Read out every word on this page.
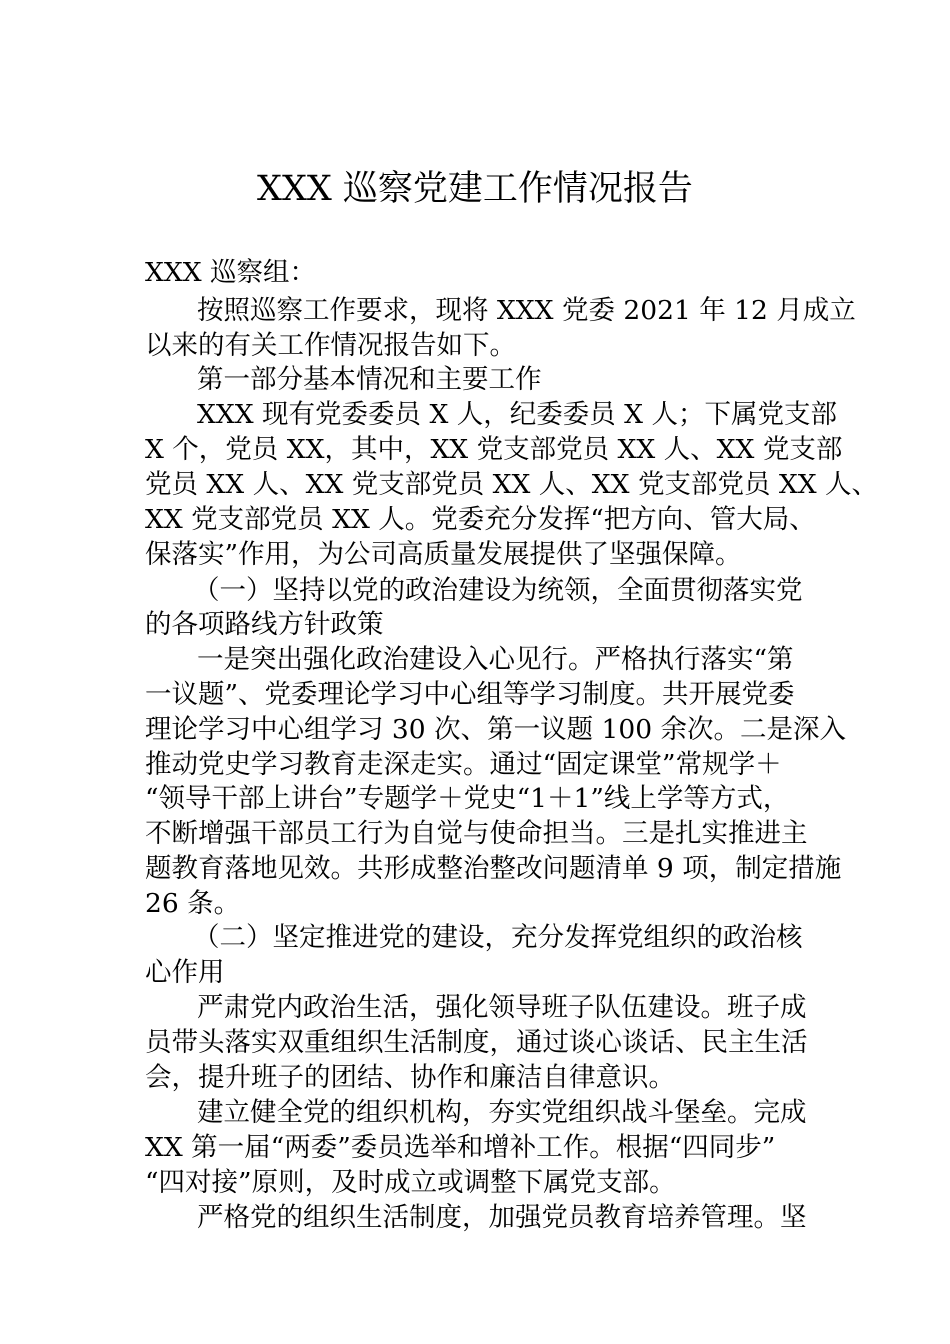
XXX 巡察党建工作情况报告

XXX 巡察组：

按照巡察工作要求，现将 XXX 党委 2021 年 12 月成立

以来的有关工作情况报告如下。

第一部分基本情况和主要工作

XXX 现有党委委员 X 人，纪委委员 X 人；下属党支部

X 个，党员 XX，其中，XX 党支部党员 XX 人、XX 党支部

党员 XX 人、XX 党支部党员 XX 人、XX 党支部党员 XX 人、

XX 党支部党员 XX 人。党委充分发挥“把方向、管大局、

保落实”作用，为公司高质量发展提供了坚强保障。

（一）坚持以党的政治建设为统领，全面贯彻落实党

的各项路线方针政策

一是突出强化政治建设入心见行。严格执行落实“第

一议题”、党委理论学习中心组等学习制度。共开展党委

理论学习中心组学习 30 次、第一议题 100 余次。二是深入

推动党史学习教育走深走实。通过“固定课堂”常规学＋

“领导干部上讲台”专题学＋党史“1＋1”线上学等方式，

不断增强干部员工行为自觉与使命担当。三是扎实推进主

题教育落地见效。共形成整治整改问题清单 9 项，制定措施

26 条。

（二）坚定推进党的建设，充分发挥党组织的政治核

心作用

严肃党内政治生活，强化领导班子队伍建设。班子成

员带头落实双重组织生活制度，通过谈心谈话、民主生活

会，提升班子的团结、协作和廉洁自律意识。

建立健全党的组织机构，夯实党组织战斗堡垒。完成

XX 第一届“两委”委员选举和增补工作。根据“四同步”

“四对接”原则，及时成立或调整下属党支部。

严格党的组织生活制度，加强党员教育培养管理。坚
